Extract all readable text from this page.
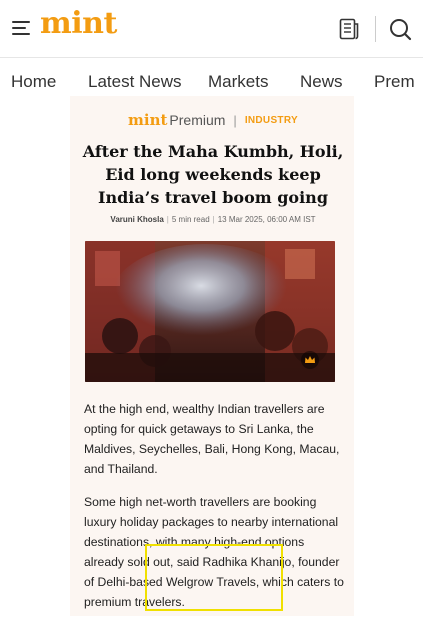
mint
Home Latest News Markets News Prem
mint Premium | INDUSTRY
After the Maha Kumbh, Holi, Eid long weekends keep India’s travel boom going
Varuni Khosla | 5 min read | 13 Mar 2025, 06:00 AM IST

At the high end, wealthy Indian travellers are opting for quick getaways to Sri Lanka, the Maldives, Seychelles, Bali, Hong Kong, Macau, and Thailand.

Some high net-worth travellers are booking luxury holiday packages to nearby international destinations, with many high-end options already sold out, said Radhika Khanijo, founder of Delhi-based Welgrow Travels, which caters to premium travelers.
